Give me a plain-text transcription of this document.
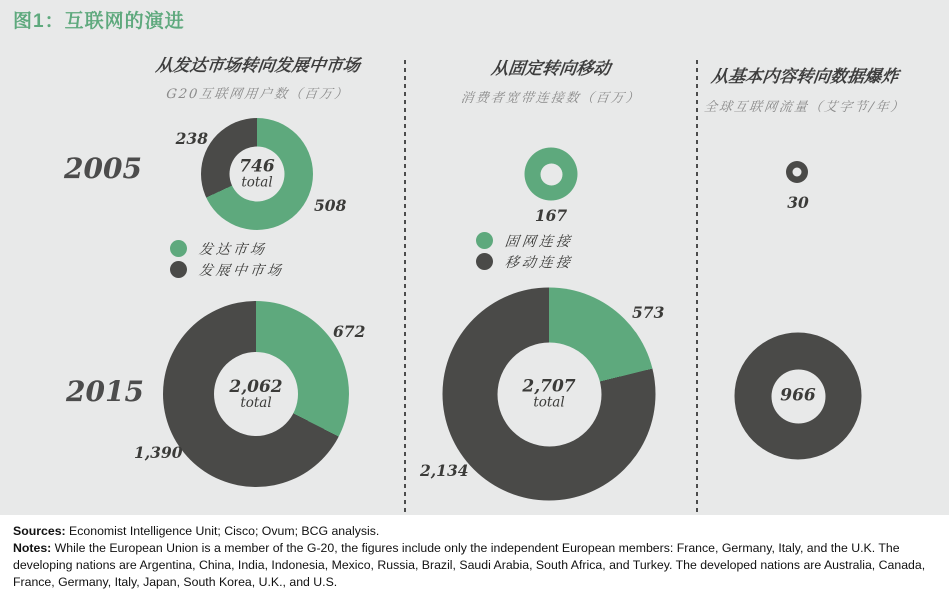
图1：互联网的演进
从发达市场转向发展中市场
G20互联网用户数（百万）
从固定转向移动
消费者宽带连接数（百万）
从基本内容转向数据爆炸
全球互联网流量（艾字节/年）
2005
2015
746
total
2,062
total
2,707
total	966
238
508
672
1,390
167
573
2,134
30
发达市场
发展中市场
固网连接
移动连接

Sources: Economist Intelligence Unit; Cisco; Ovum; BCG analysis.

Notes: While the European Union is a member of the G-20, the figures include only the independent European members: France, Germany, Italy, and the U.K. The developing nations are Argentina, China, India, Indonesia, Mexico, Russia, Brazil, Saudi Arabia, South Africa, and Turkey. The developed nations are Australia, Canada, France, Germany, Italy, Japan, South Korea, U.K., and U.S.
